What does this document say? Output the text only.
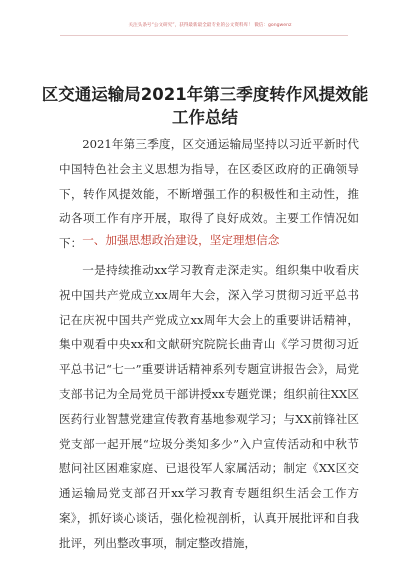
关注头条号“公文研究”，获得最新最全最专业的公文资料库！ 微信：gongwenz
区交通运输局2021年第三季度转作风提效能
工作总结
2021年第三季度，区交通运输局坚持以习近平新时代中国特色社会主义思想为指导，在区委区政府的正确领导下，转作风提效能，不断增强工作的积极性和主动性，推动各项工作有序开展，取得了良好成效。主要工作情况如下： 一、加强思想政治建设，坚定理想信念
一是持续推动xx学习教育走深走实。组织集中收看庆祝中国共产党成立xx周年大会，深入学习贯彻习近平总书记在庆祝中国共产党成立xx周年大会上的重要讲话精神，集中观看中央xx和文献研究院院长曲青山《学习贯彻习近平总书记“七一”重要讲话精神系列专题宣讲报告会》，局党支部书记为全局党员干部讲授xx专题党课；组织前往XX区医药行业智慧党建宣传教育基地参观学习；与XX前锋社区党支部一起开展“垃圾分类知多少”入户宣传活动和中秋节慰问社区困难家庭、已退役军人家属活动；制定《XX区交通运输局党支部召开xx学习教育专题组织生活会工作方案》，抓好谈心谈话，强化检视剖析，认真开展批评和自我批评，列出整改事项，制定整改措施，
